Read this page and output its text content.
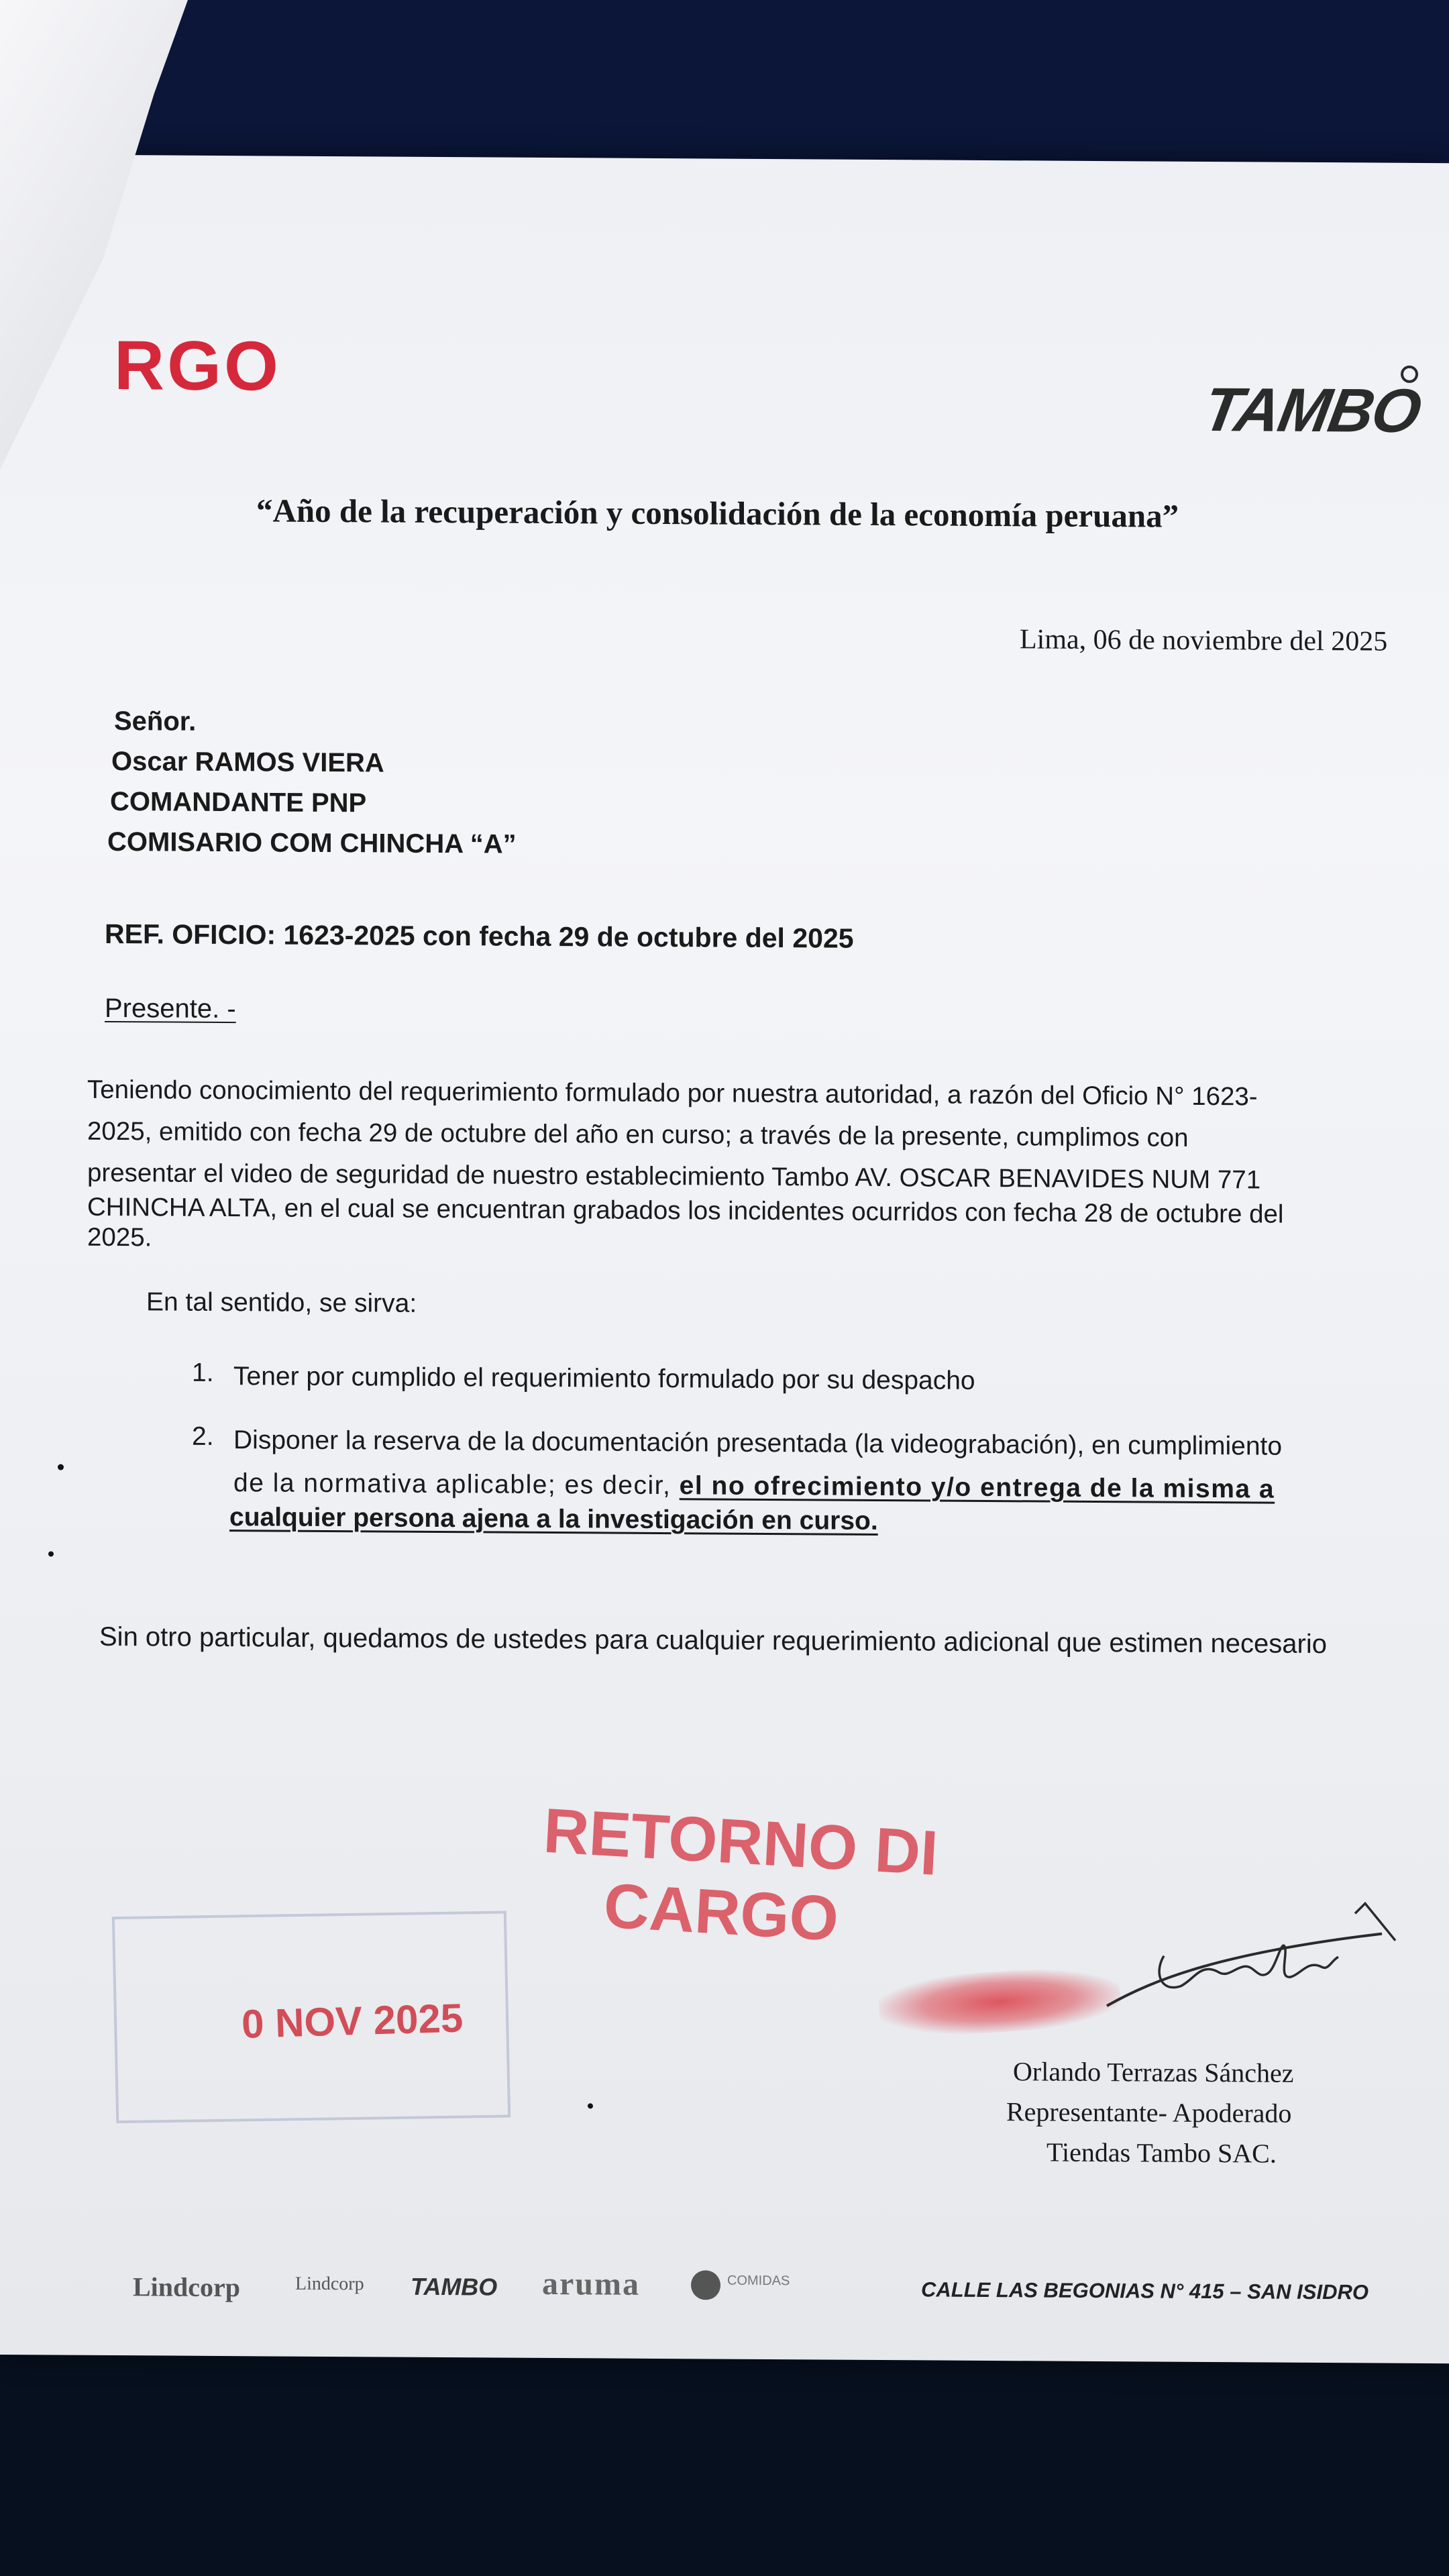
RGO
TAMBO
“Año de la recuperación y consolidación de la economía peruana”
Lima, 06 de noviembre del 2025
Señor.
Oscar RAMOS VIERA
COMANDANTE PNP
COMISARIO COM CHINCHA “A”
REF. OFICIO: 1623-2025 con fecha 29 de octubre del 2025
Presente. -
Teniendo conocimiento del requerimiento formulado por nuestra autoridad, a razón del Oficio N° 1623-
2025, emitido con fecha 29 de octubre del año en curso; a través de la presente, cumplimos con
presentar el video de seguridad de nuestro establecimiento Tambo AV. OSCAR BENAVIDES NUM 771
CHINCHA ALTA, en el cual se encuentran grabados los incidentes ocurridos con fecha 28 de octubre del
2025.
En tal sentido, se sirva:
1. Tener por cumplido el requerimiento formulado por su despacho
2. Disponer la reserva de la documentación presentada (la videograbación), en cumplimiento
de la normativa aplicable; es decir, el no ofrecimiento y/o entrega de la misma a
cualquier persona ajena a la investigación en curso.
Sin otro particular, quedamos de ustedes para cualquier requerimiento adicional que estimen necesario
RETORNO DI
CARGO
0 NOV 2025
Orlando Terrazas Sánchez
Representante- Apoderado
Tiendas Tambo SAC.
Lindcorp	Lindcorp TAMBO aruma	COMIDAS	CALLE LAS BEGONIAS N° 415 – SAN ISIDRO
